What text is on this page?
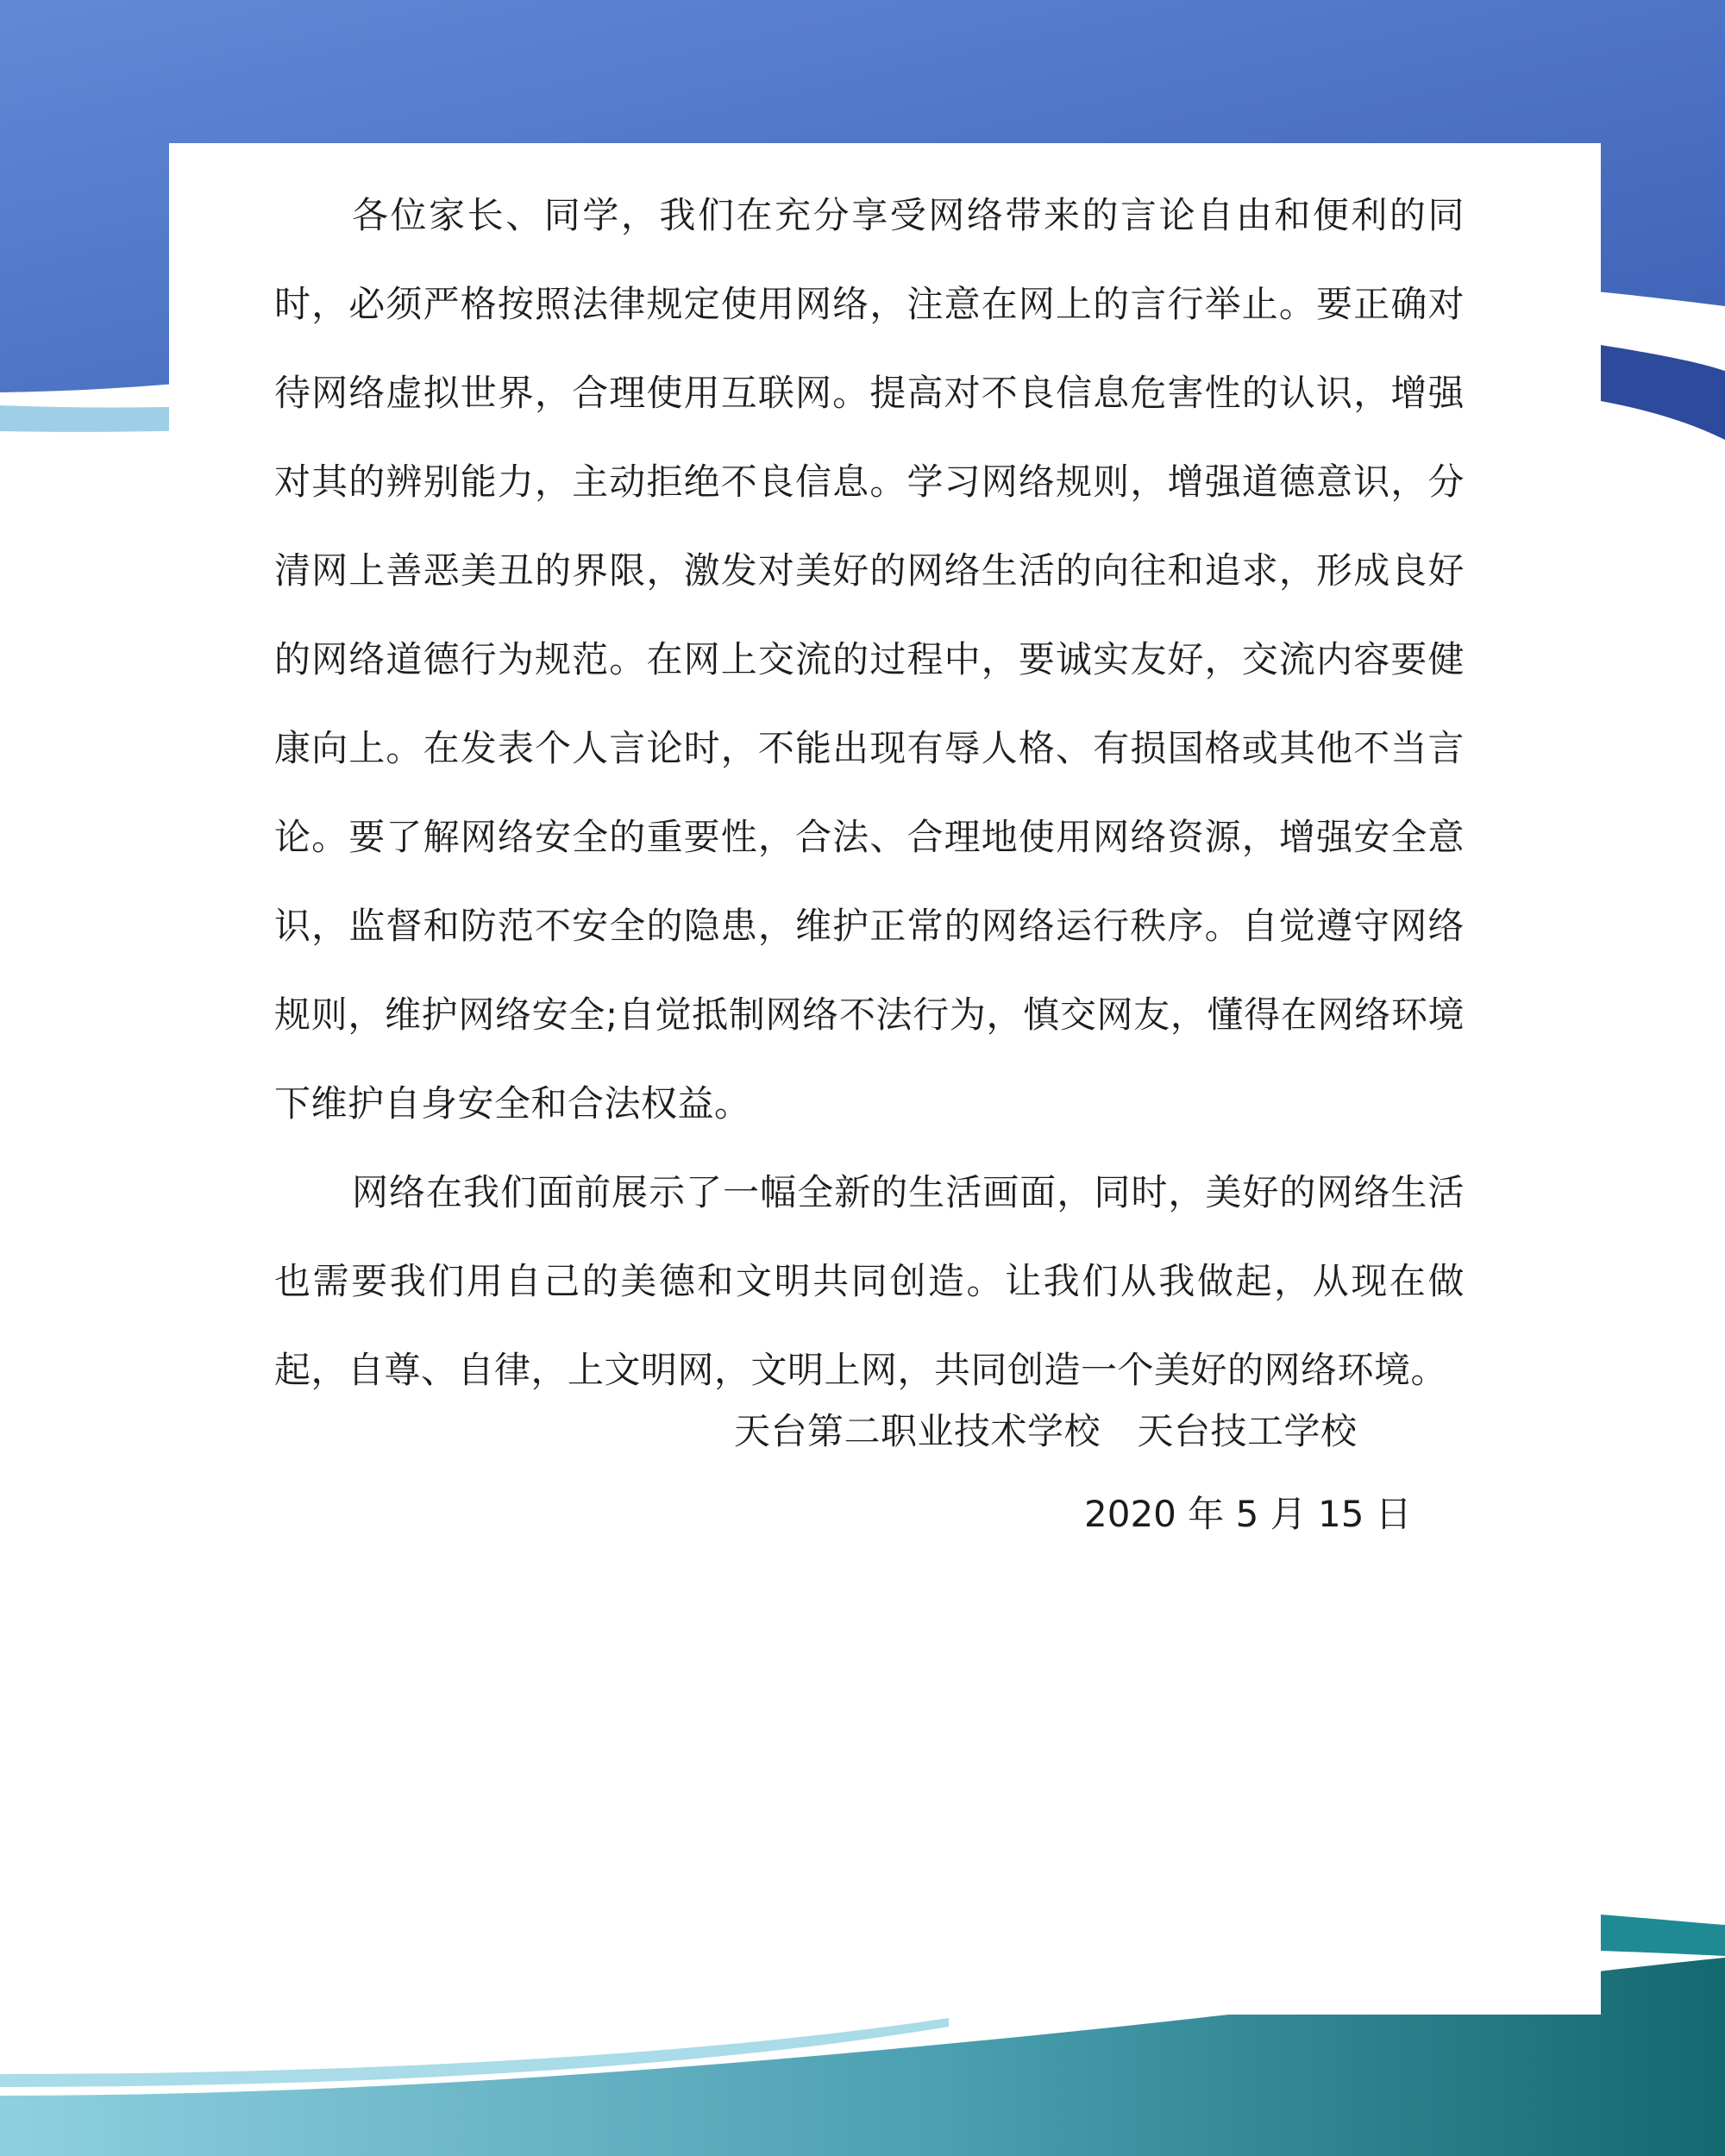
各位家长、同学，我们在充分享受网络带来的言论自由和便利的同时，必须严格按照法律规定使用网络，注意在网上的言行举止。要正确对待网络虚拟世界，合理使用互联网。提高对不良信息危害性的认识，增强对其的辨别能力，主动拒绝不良信息。学习网络规则，增强道德意识，分清网上善恶美丑的界限，激发对美好的网络生活的向往和追求，形成良好的网络道德行为规范。在网上交流的过程中，要诚实友好，交流内容要健康向上。在发表个人言论时，不能出现有辱人格、有损国格或其他不当言论。要了解网络安全的重要性，合法、合理地使用网络资源，增强安全意识，监督和防范不安全的隐患，维护正常的网络运行秩序。自觉遵守网络规则，维护网络安全;自觉抵制网络不法行为，慎交网友，懂得在网络环境下维护自身安全和合法权益。

网络在我们面前展示了一幅全新的生活画面，同时，美好的网络生活也需要我们用自己的美德和文明共同创造。让我们从我做起，从现在做起，自尊、自律，上文明网，文明上网，共同创造一个美好的网络环境。

天台第二职业技术学校　天台技工学校
2020 年 5 月 15 日
